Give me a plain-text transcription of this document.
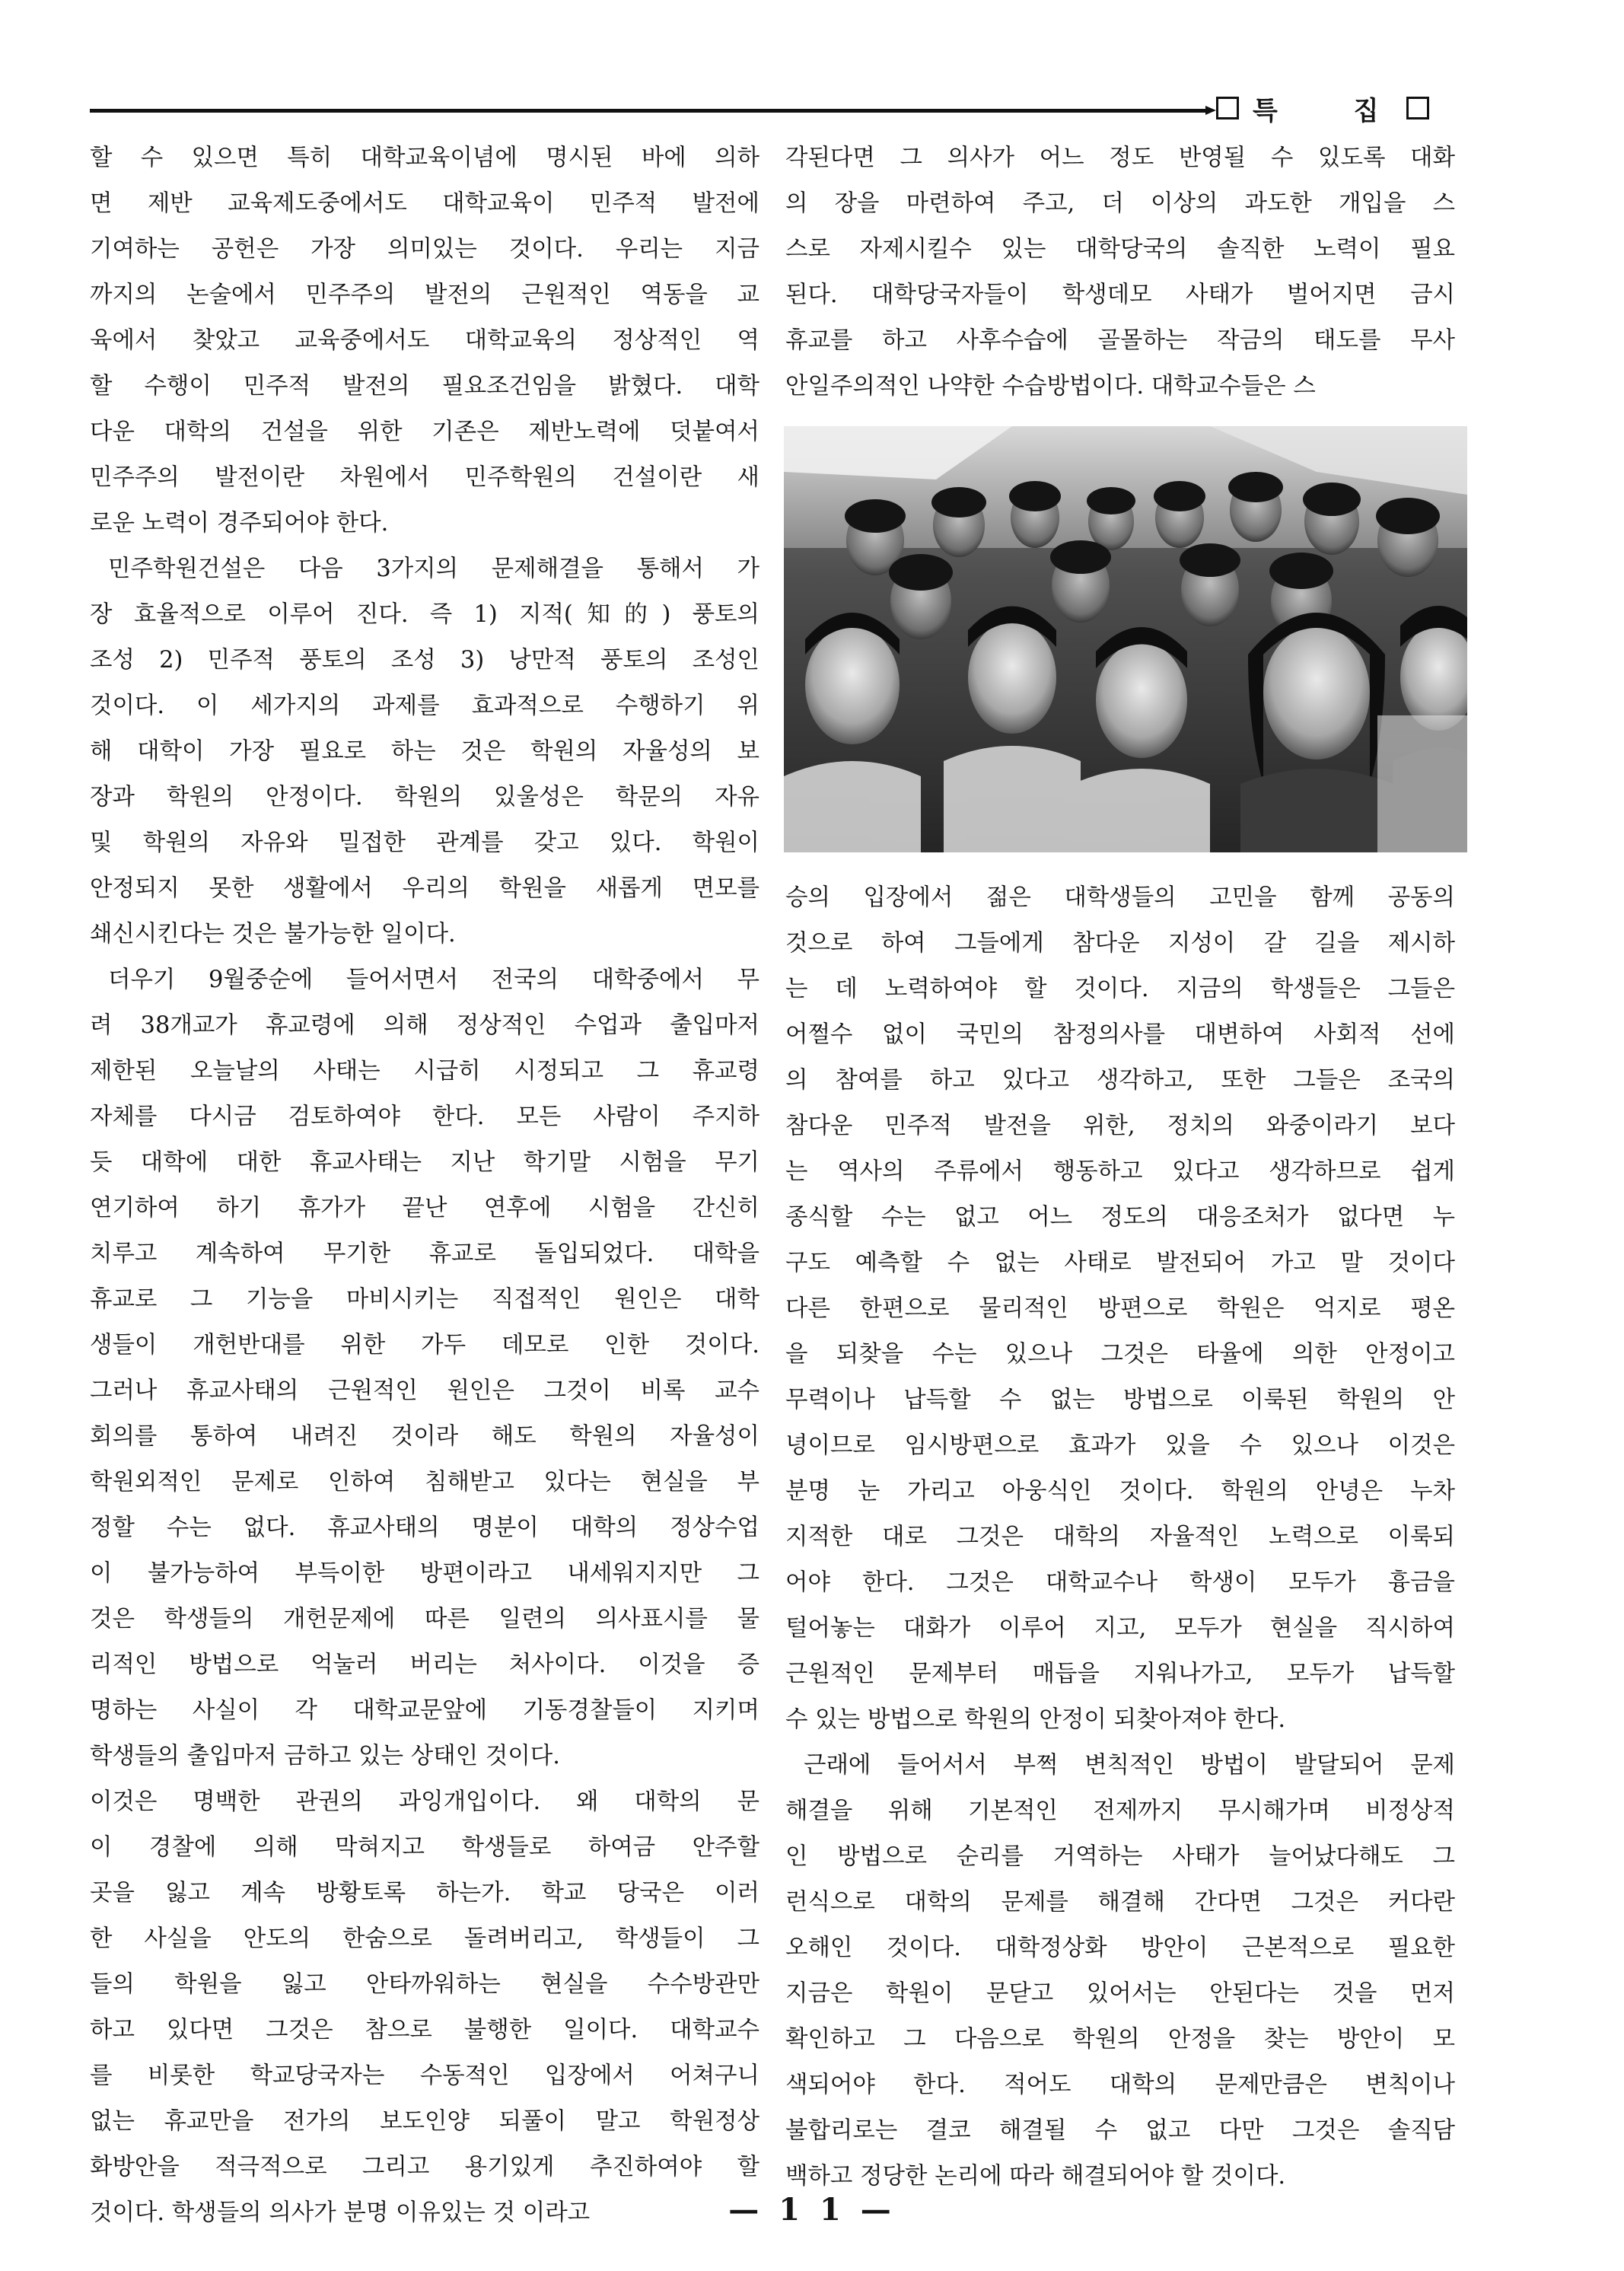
특 집
할 수 있으면 특히 대학교육이념에 명시된 바에 의하
면 제반 교육제도중에서도 대학교육이 민주적 발전에
기여하는 공헌은 가장 의미있는 것이다. 우리는 지금
까지의 논술에서 민주주의 발전의 근원적인 역동을 교
육에서 찾았고 교육중에서도 대학교육의 정상적인 역
할 수행이 민주적 발전의 필요조건임을 밝혔다. 대학
다운 대학의 건설을 위한 기존은 제반노력에 덧붙여서
민주주의 발전이란 차원에서 민주학원의 건설이란 새
로운 노력이 경주되어야 한다.
민주학원건설은 다음 3가지의 문제해결을 통해서 가
장 효율적으로 이루어 진다. 즉 1) 지적(知的) 풍토의
조성 2) 민주적 풍토의 조성 3) 낭만적 풍토의 조성인
것이다. 이 세가지의 과제를 효과적으로 수행하기 위
해 대학이 가장 필요로 하는 것은 학원의 자율성의 보
장과 학원의 안정이다. 학원의 있울성은 학문의 자유
및 학원의 자유와 밀접한 관계를 갖고 있다. 학원이
안정되지 못한 생활에서 우리의 학원을 새롭게 면모를
쇄신시킨다는 것은 불가능한 일이다.
더우기 9월중순에 들어서면서 전국의 대학중에서 무
려 38개교가 휴교령에 의해 정상적인 수업과 출입마저
제한된 오늘날의 사태는 시급히 시정되고 그 휴교령
자체를 다시금 검토하여야 한다. 모든 사람이 주지하
듯 대학에 대한 휴교사태는 지난 학기말 시험을 무기
연기하여 하기 휴가가 끝난 연후에 시험을 간신히
치루고 계속하여 무기한 휴교로 돌입되었다. 대학을
휴교로 그 기능을 마비시키는 직접적인 원인은 대학
생들이 개헌반대를 위한 가두 데모로 인한 것이다.
그러나 휴교사태의 근원적인 원인은 그것이 비록 교수
회의를 통하여 내려진 것이라 해도 학원의 자율성이
학원외적인 문제로 인하여 침해받고 있다는 현실을 부
정할 수는 없다. 휴교사태의 명분이 대학의 정상수업
이 불가능하여 부득이한 방편이라고 내세워지지만 그
것은 학생들의 개헌문제에 따른 일련의 의사표시를 물
리적인 방법으로 억눌러 버리는 처사이다. 이것을 증
명하는 사실이 각 대학교문앞에 기동경찰들이 지키며
학생들의 출입마저 금하고 있는 상태인 것이다.
이것은 명백한 관권의 과잉개입이다. 왜 대학의 문
이 경찰에 의해 막혀지고 학생들로 하여금 안주할
곳을 잃고 계속 방황토록 하는가. 학교 당국은 이러
한 사실을 안도의 한숨으로 돌려버리고, 학생들이 그
들의 학원을 잃고 안타까워하는 현실을 수수방관만
하고 있다면 그것은 참으로 불행한 일이다. 대학교수
를 비롯한 학교당국자는 수동적인 입장에서 어쳐구니
없는 휴교만을 전가의 보도인양 되풀이 말고 학원정상
화방안을 적극적으로 그리고 용기있게 추진하여야 할
것이다. 학생들의 의사가 분명 이유있는 것 이라고
각된다면 그 의사가 어느 정도 반영될 수 있도록 대화
의 장을 마련하여 주고, 더 이상의 과도한 개입을 스
스로 자제시킬수 있는 대학당국의 솔직한 노력이 필요
된다. 대학당국자들이 학생데모 사태가 벌어지면 금시
휴교를 하고 사후수습에 골몰하는 작금의 태도를 무사
안일주의적인 나약한 수습방법이다. 대학교수들은 스
승의 입장에서 젊은 대학생들의 고민을 함께 공동의
것으로 하여 그들에게 참다운 지성이 갈 길을 제시하
는 데 노력하여야 할 것이다. 지금의 학생들은 그들은
어쩔수 없이 국민의 참정의사를 대변하여 사회적 선에
의 참여를 하고 있다고 생각하고, 또한 그들은 조국의
참다운 민주적 발전을 위한, 정치의 와중이라기 보다
는 역사의 주류에서 행동하고 있다고 생각하므로 쉽게
종식할 수는 없고 어느 정도의 대응조처가 없다면 누
구도 예측할 수 없는 사태로 발전되어 가고 말 것이다
다른 한편으로 물리적인 방편으로 학원은 억지로 평온
을 되찾을 수는 있으나 그것은 타율에 의한 안정이고
무력이나 납득할 수 없는 방법으로 이룩된 학원의 안
녕이므로 임시방편으로 효과가 있을 수 있으나 이것은
분명 눈 가리고 아웅식인 것이다. 학원의 안녕은 누차
지적한 대로 그것은 대학의 자율적인 노력으로 이룩되
어야 한다. 그것은 대학교수나 학생이 모두가 흉금을
털어놓는 대화가 이루어 지고, 모두가 현실을 직시하여
근원적인 문제부터 매듭을 지워나가고, 모두가 납득할
수 있는 방법으로 학원의 안정이 되찾아져야 한다.
근래에 들어서서 부쩍 변칙적인 방법이 발달되어 문제
해결을 위해 기본적인 전제까지 무시해가며 비정상적
인 방법으로 순리를 거역하는 사태가 늘어났다해도 그
런식으로 대학의 문제를 해결해 간다면 그것은 커다란
오해인 것이다. 대학정상화 방안이 근본적으로 필요한
지금은 학원이 문닫고 있어서는 안된다는 것을 먼저
확인하고 그 다음으로 학원의 안정을 찾는 방안이 모
색되어야 한다. 적어도 대학의 문제만큼은 변칙이나
불합리로는 결코 해결될 수 없고 다만 그것은 솔직담
백하고 정당한 논리에 따라 해결되어야 할 것이다.
— 1 1 —
